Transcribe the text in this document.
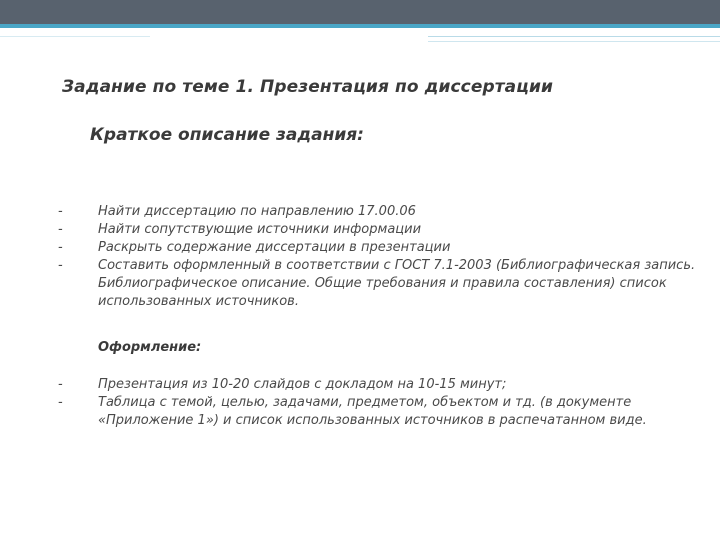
Задание по теме 1. Презентация по диссертации
Краткое описание задания:
-	Найти диссертацию по направлению 17.00.06
-	Найти сопутствующие источники информации
-	Раскрыть содержание диссертации в презентации
-	Составить оформленный в соответствии с ГОСТ 7.1-2003 (Библиографическая запись. Библиографическое описание. Общие требования и правила составления) список использованных источников.
Оформление:
-	Презентация из 10-20 слайдов с докладом на 10-15 минут;
-	Таблица с темой, целью, задачами, предметом, объектом и тд. (в документе «Приложение 1») и список использованных источников в распечатанном виде.
